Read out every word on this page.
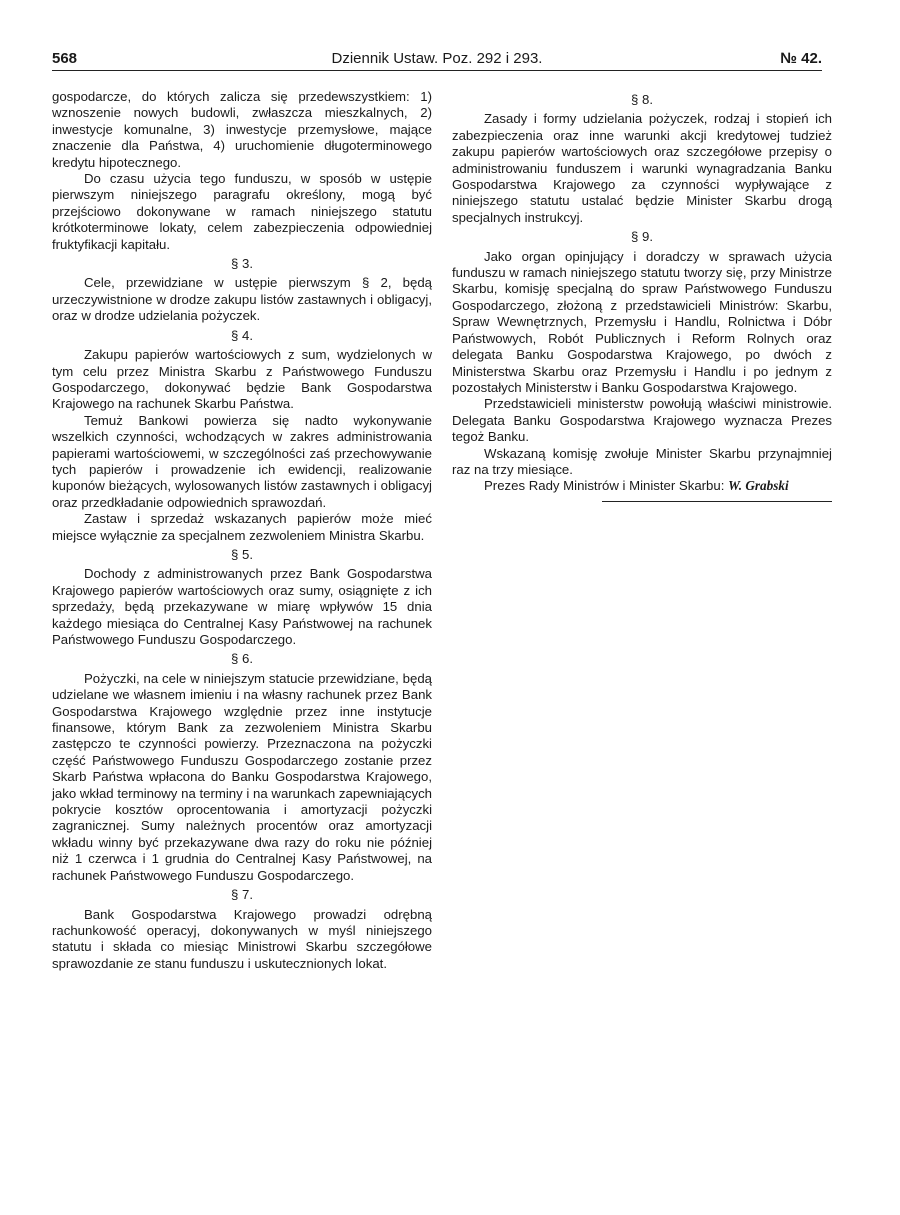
568	Dziennik Ustaw. Poz. 292 i 293.	№ 42.

gospodarcze, do których zalicza się przedewszystkiem: 1) wznoszenie nowych budowli, zwłaszcza mieszkalnych, 2) inwestycje komunalne, 3) inwestycje przemysłowe, mające znaczenie dla Państwa, 4) uruchomienie długoterminowego kredytu hipotecznego.

Do czasu użycia tego funduszu, w sposób w ustępie pierwszym niniejszego paragrafu określony, mogą być przejściowo dokonywane w ramach niniejszego statutu krótkoterminowe lokaty, celem zabezpieczenia odpowiedniej fruktyfikacji kapitału.

§ 3.

Cele, przewidziane w ustępie pierwszym § 2, będą urzeczywistnione w drodze zakupu listów zastawnych i obligacyj, oraz w drodze udzielania pożyczek.

§ 4.

Zakupu papierów wartościowych z sum, wydzielonych w tym celu przez Ministra Skarbu z Państwowego Funduszu Gospodarczego, dokonywać będzie Bank Gospodarstwa Krajowego na rachunek Skarbu Państwa.

Temuż Bankowi powierza się nadto wykonywanie wszelkich czynności, wchodzących w zakres administrowania papierami wartościowemi, w szczególności zaś przechowywanie tych papierów i prowadzenie ich ewidencji, realizowanie kuponów bieżących, wylosowanych listów zastawnych i obligacyj oraz przedkładanie odpowiednich sprawozdań.

Zastaw i sprzedaż wskazanych papierów może mieć miejsce wyłącznie za specjalnem zezwoleniem Ministra Skarbu.

§ 5.

Dochody z administrowanych przez Bank Gospodarstwa Krajowego papierów wartościowych oraz sumy, osiągnięte z ich sprzedaży, będą przekazywane w miarę wpływów 15 dnia każdego miesiąca do Centralnej Kasy Państwowej na rachunek Państwowego Funduszu Gospodarczego.

§ 6.

Pożyczki, na cele w niniejszym statucie przewidziane, będą udzielane we własnem imieniu i na własny rachunek przez Bank Gospodarstwa Krajowego względnie przez inne instytucje finansowe, którym Bank za zezwoleniem Ministra Skarbu zastępczo te czynności powierzy. Przeznaczona na pożyczki część Państwowego Funduszu Gospodarczego zostanie przez Skarb Państwa wpłacona do Banku Gospodarstwa Krajowego, jako wkład terminowy na terminy i na warunkach zapewniających pokrycie kosztów oprocentowania i amortyzacji pożyczki zagranicznej. Sumy należnych procentów oraz amortyzacji wkładu winny być przekazywane dwa razy do roku nie później niż 1 czerwca i 1 grudnia do Centralnej Kasy Państwowej, na rachunek Państwowego Funduszu Gospodarczego.

§ 7.

Bank Gospodarstwa Krajowego prowadzi odrębną rachunkowość operacyj, dokonywanych w myśl niniejszego statutu i składa co miesiąc Ministrowi Skarbu szczegółowe sprawozdanie ze stanu funduszu i uskutecznionych lokat.

§ 8.

Zasady i formy udzielania pożyczek, rodzaj i stopień ich zabezpieczenia oraz inne warunki akcji kredytowej tudzież zakupu papierów wartościowych oraz szczegółowe przepisy o administrowaniu funduszem i warunki wynagradzania Banku Gospodarstwa Krajowego za czynności wypływające z niniejszego statutu ustalać będzie Minister Skarbu drogą specjalnych instrukcyj.

§ 9.

Jako organ opinjujący i doradczy w sprawach użycia funduszu w ramach niniejszego statutu tworzy się, przy Ministrze Skarbu, komisję specjalną do spraw Państwowego Funduszu Gospodarczego, złożoną z przedstawicieli Ministrów: Skarbu, Spraw Wewnętrznych, Przemysłu i Handlu, Rolnictwa i Dóbr Państwowych, Robót Publicznych i Reform Rolnych oraz delegata Banku Gospodarstwa Krajowego, po dwóch z Ministerstwa Skarbu oraz Przemysłu i Handlu i po jednym z pozostałych Ministerstw i Banku Gospodarstwa Krajowego.

Przedstawicieli ministerstw powołują właściwi ministrowie. Delegata Banku Gospodarstwa Krajowego wyznacza Prezes tegoż Banku.

Wskazaną komisję zwołuje Minister Skarbu przynajmniej raz na trzy miesiące.

Prezes Rady Ministrów i Minister Skarbu: W. Grabski
